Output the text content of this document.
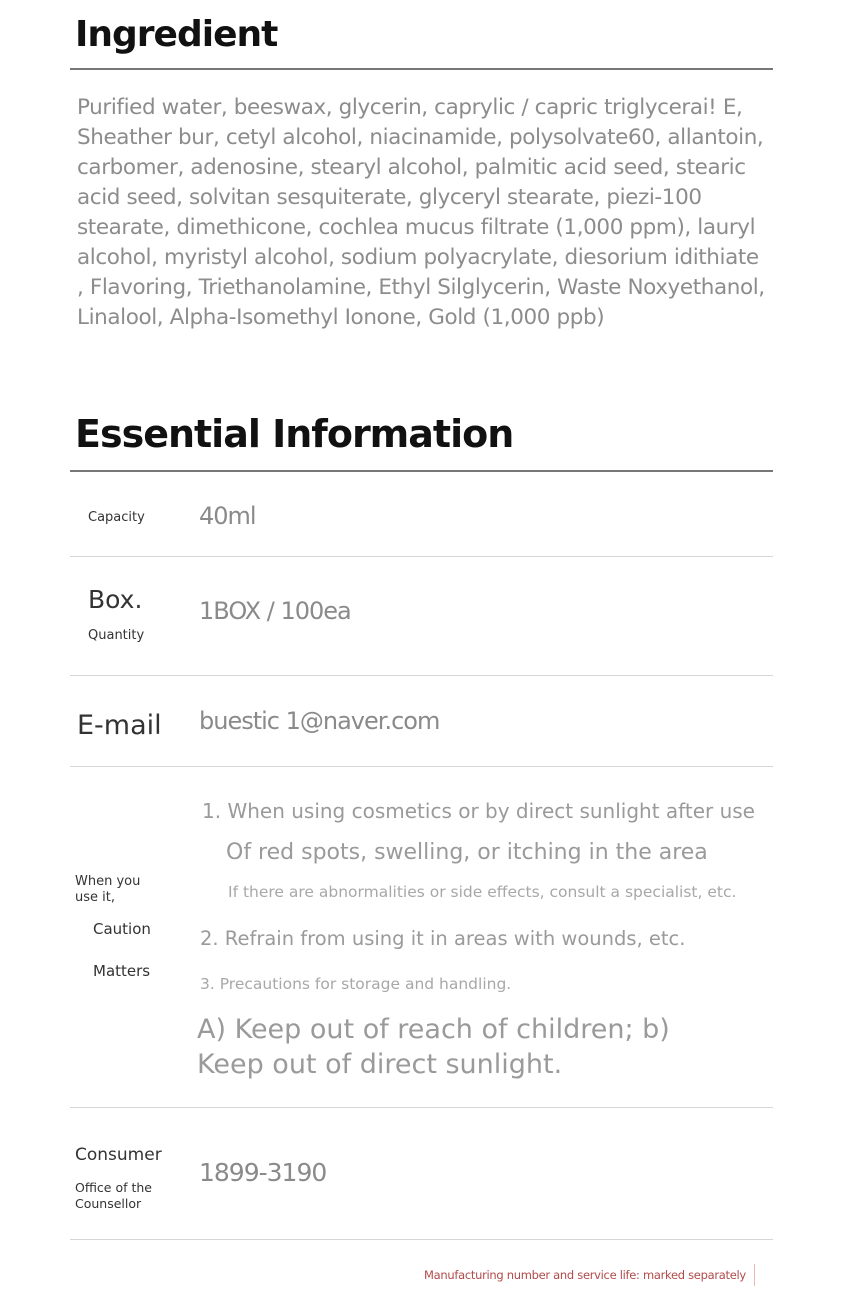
Ingredient
Purified water, beeswax, glycerin, caprylic / capric triglycerai! E, Sheather bur, cetyl alcohol, niacinamide, polysolvate60, allantoin, carbomer, adenosine, stearyl alcohol, palmitic acid seed, stearic acid seed, solvitan sesquiterate, glyceryl stearate, piezi-100 stearate, dimethicone, cochlea mucus filtrate (1,000 ppm), lauryl alcohol, myristyl alcohol, sodium polyacrylate, diesorium idithiate , Flavoring, Triethanolamine, Ethyl Silglycerin, Waste Noxyethanol, Linalool, Alpha-Isomethyl Ionone, Gold (1,000 ppb)
Essential Information
Capacity 40ml
Box.
Quantity
1BOX / 100ea
E-mail buestic 1@naver.com
When you
use it,
Caution
Matters
1. When using cosmetics or by direct sunlight after use
Of red spots, swelling, or itching in the area
If there are abnormalities or side effects, consult a specialist, etc.
2. Refrain from using it in areas with wounds, etc.
3. Precautions for storage and handling.
A) Keep out of reach of children; b)
Keep out of direct sunlight.
Consumer
Office of the
Counsellor
1899-3190
Manufacturing number and service life: marked separately
